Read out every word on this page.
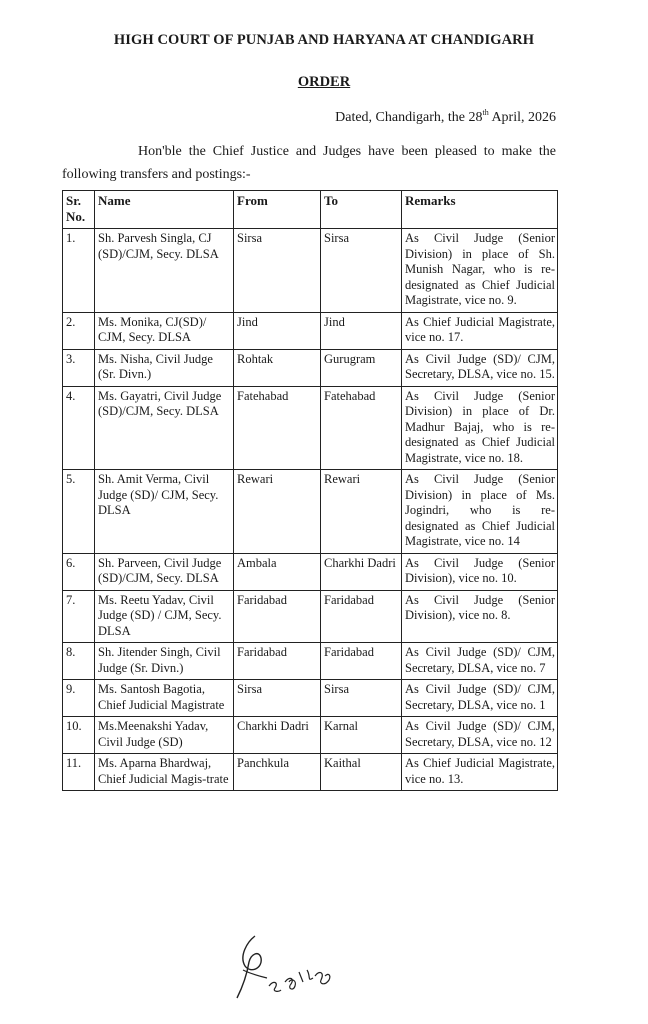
HIGH COURT OF PUNJAB AND HARYANA AT CHANDIGARH
ORDER
Dated, Chandigarh, the 28th April, 2026

Hon'ble the Chief Justice and Judges have been pleased to make the following transfers and postings:-

Sr. No.	Name	From	To	Remarks
1.	Sh. Parvesh Singla, CJ (SD)/CJM, Secy. DLSA	Sirsa	Sirsa	As Civil Judge (Senior Division) in place of Sh. Munish Nagar, who is re-designated as Chief Judicial Magistrate, vice no. 9.
2.	Ms. Monika, CJ(SD)/ CJM, Secy. DLSA	Jind	Jind	As Chief Judicial Magistrate, vice no. 17.
3.	Ms. Nisha, Civil Judge (Sr. Divn.)	Rohtak	Gurugram	As Civil Judge (SD)/ CJM, Secretary, DLSA, vice no. 15.
4.	Ms. Gayatri, Civil Judge (SD)/CJM, Secy. DLSA	Fatehabad	Fatehabad	As Civil Judge (Senior Division) in place of Dr. Madhur Bajaj, who is re-designated as Chief Judicial Magistrate, vice no. 18.
5.	Sh. Amit Verma, Civil Judge (SD)/ CJM, Secy. DLSA	Rewari	Rewari	As Civil Judge (Senior Division) in place of Ms. Jogindri, who is re-designated as Chief Judicial Magistrate, vice no. 14
6.	Sh. Parveen, Civil Judge (SD)/CJM, Secy. DLSA	Ambala	Charkhi Dadri	As Civil Judge (Senior Division), vice no. 10.
7.	Ms. Reetu Yadav, Civil Judge (SD) / CJM, Secy. DLSA	Faridabad	Faridabad	As Civil Judge (Senior Division), vice no. 8.
8.	Sh. Jitender Singh, Civil Judge (Sr. Divn.)	Faridabad	Faridabad	As Civil Judge (SD)/ CJM, Secretary, DLSA, vice no. 7
9.	Ms. Santosh Bagotia, Chief Judicial Magistrate	Sirsa	Sirsa	As Civil Judge (SD)/ CJM, Secretary, DLSA, vice no. 1
10.	Ms.Meenakshi Yadav, Civil Judge (SD)	Charkhi Dadri	Karnal	As Civil Judge (SD)/ CJM, Secretary, DLSA, vice no. 12
11.	Ms. Aparna Bhardwaj, Chief Judicial Magis-trate	Panchkula	Kaithal	As Chief Judicial Magistrate, vice no. 13.
